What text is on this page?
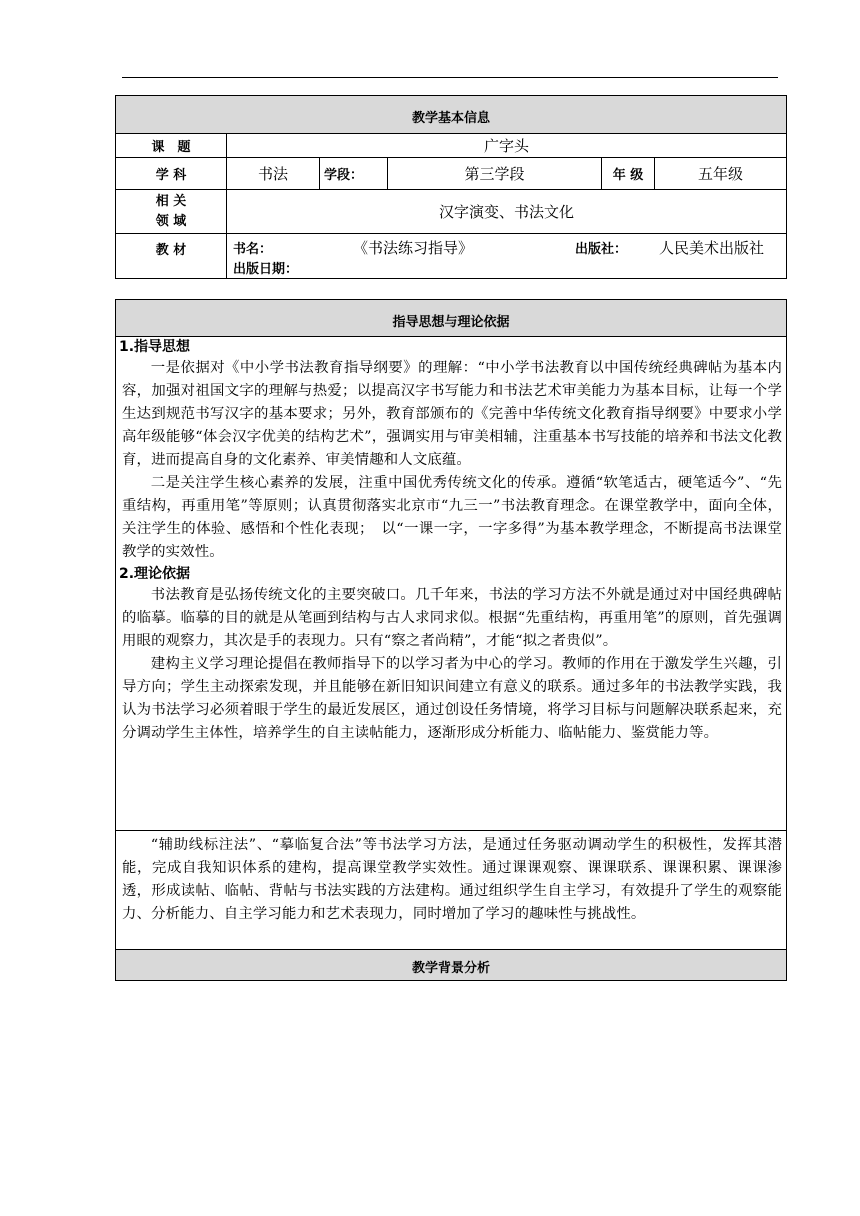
教学基本信息					
课　题	广字头				
学 科	书法	学段：	第三学段	年 级	五年级

相 关
领 域	汉字演变、书法文化				
教 材	书名： 《书法练习指导》 出版社： 人民美术出版社
出版日期：				
指导思想与理论依据

1.指导思想

一是依据对《中小学书法教育指导纲要》的理解：“中小学书法教育以中国传统经典碑帖为基本内容，加强对祖国文字的理解与热爱；以提高汉字书写能力和书法艺术审美能力为基本目标，让每一个学生达到规范书写汉字的基本要求；另外，教育部颁布的《完善中华传统文化教育指导纲要》中要求小学高年级能够“体会汉字优美的结构艺术”，强调实用与审美相辅，注重基本书写技能的培养和书法文化教育，进而提高自身的文化素养、审美情趣和人文底蕴。

二是关注学生核心素养的发展，注重中国优秀传统文化的传承。遵循“软笔适古，硬笔适今”、“先重结构，再重用笔”等原则；认真贯彻落实北京市“九三一”书法教育理念。在课堂教学中，面向全体，关注学生的体验、感悟和个性化表现；　以“一课一字，一字多得”为基本教学理念，不断提高书法课堂教学的实效性。

2.理论依据

书法教育是弘扬传统文化的主要突破口。几千年来，书法的学习方法不外就是通过对中国经典碑帖的临摹。临摹的目的就是从笔画到结构与古人求同求似。根据“先重结构，再重用笔”的原则，首先强调用眼的观察力，其次是手的表现力。只有“察之者尚精”，才能“拟之者贵似”。

建构主义学习理论提倡在教师指导下的以学习者为中心的学习。教师的作用在于激发学生兴趣，引导方向；学生主动探索发现，并且能够在新旧知识间建立有意义的联系。通过多年的书法教学实践，我认为书法学习必须着眼于学生的最近发展区，通过创设任务情境，将学习目标与问题解决联系起来，充分调动学生主体性，培养学生的自主读帖能力，逐渐形成分析能力、临帖能力、鉴赏能力等。

“辅助线标注法”、“摹临复合法”等书法学习方法，是通过任务驱动调动学生的积极性，发挥其潜能，完成自我知识体系的建构，提高课堂教学实效性。通过课课观察、课课联系、课课积累、课课渗透，形成读帖、临帖、背帖与书法实践的方法建构。通过组织学生自主学习，有效提升了学生的观察能力、分析能力、自主学习能力和艺术表现力，同时增加了学习的趣味性与挑战性。

教学背景分析
